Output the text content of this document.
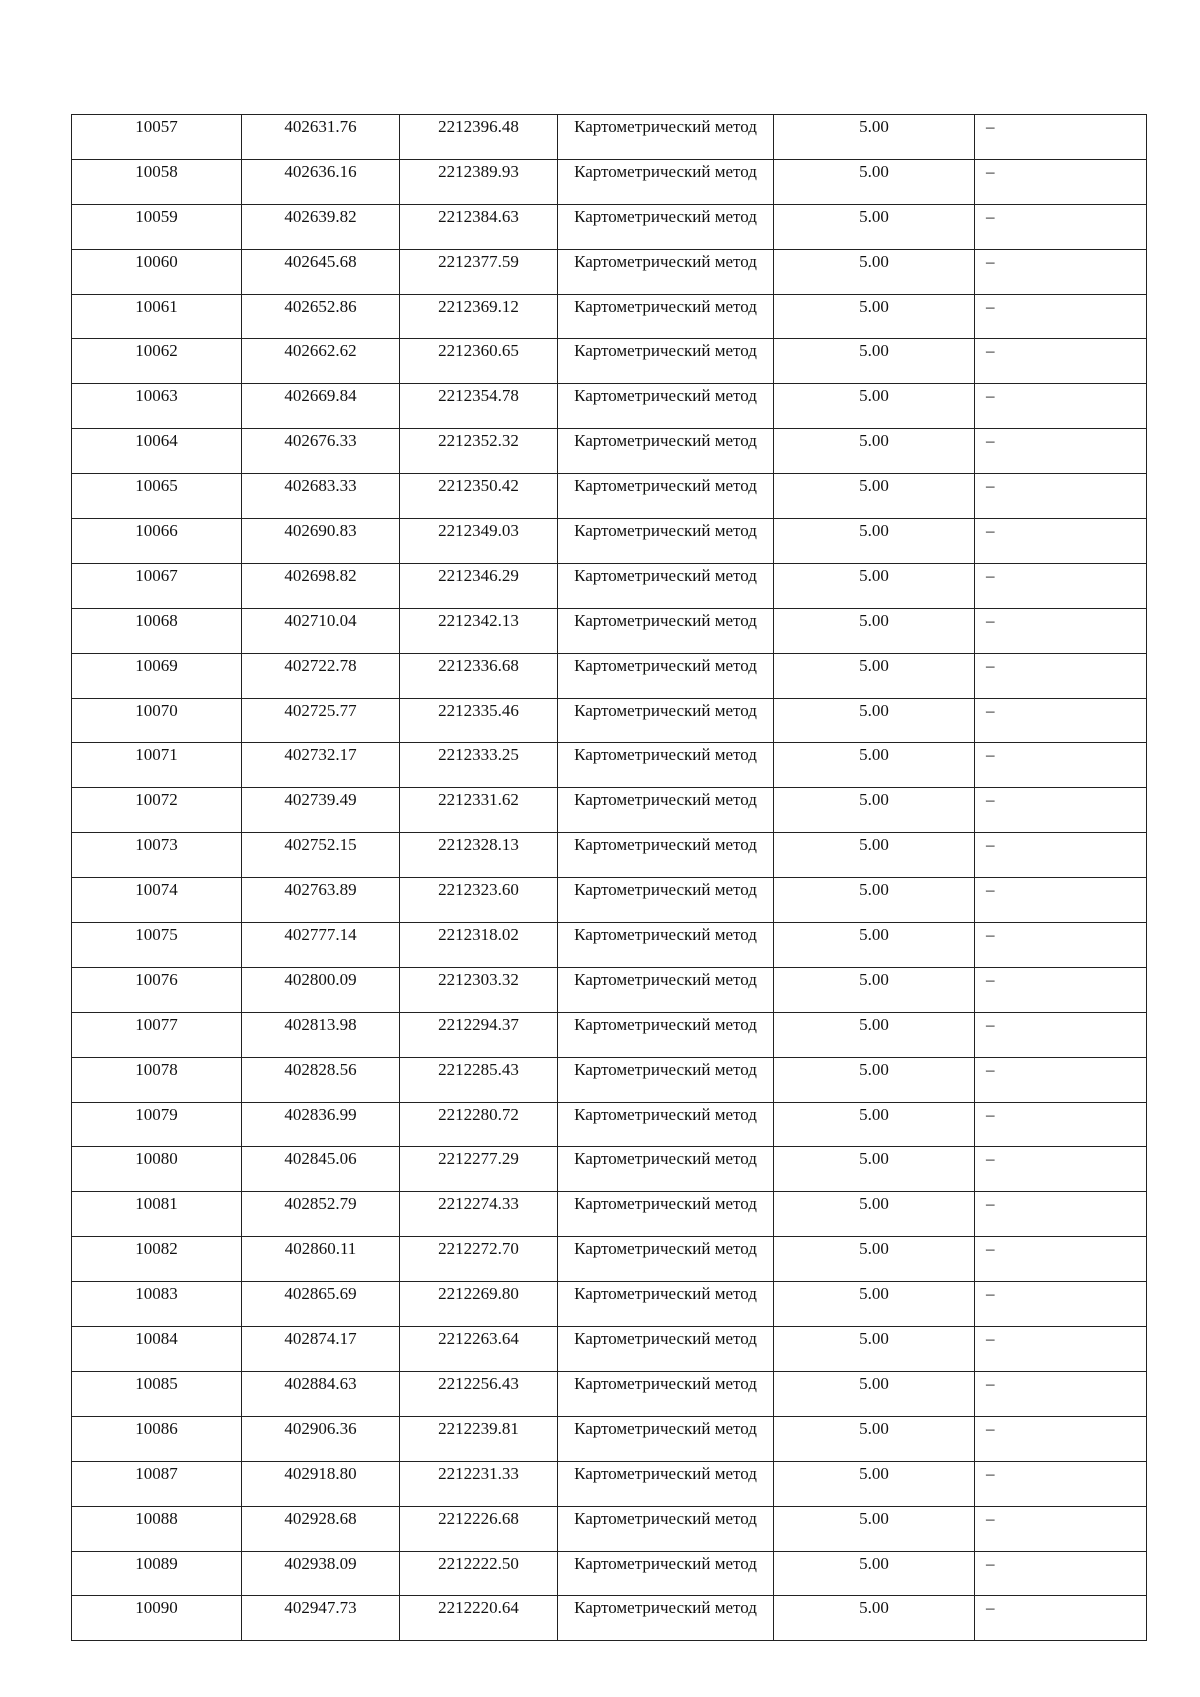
10057	402631.76	2212396.48	Картометрический метод	5.00	–
10058	402636.16	2212389.93	Картометрический метод	5.00	–
10059	402639.82	2212384.63	Картометрический метод	5.00	–
10060	402645.68	2212377.59	Картометрический метод	5.00	–
10061	402652.86	2212369.12	Картометрический метод	5.00	–
10062	402662.62	2212360.65	Картометрический метод	5.00	–
10063	402669.84	2212354.78	Картометрический метод	5.00	–
10064	402676.33	2212352.32	Картометрический метод	5.00	–
10065	402683.33	2212350.42	Картометрический метод	5.00	–
10066	402690.83	2212349.03	Картометрический метод	5.00	–
10067	402698.82	2212346.29	Картометрический метод	5.00	–
10068	402710.04	2212342.13	Картометрический метод	5.00	–
10069	402722.78	2212336.68	Картометрический метод	5.00	–
10070	402725.77	2212335.46	Картометрический метод	5.00	–
10071	402732.17	2212333.25	Картометрический метод	5.00	–
10072	402739.49	2212331.62	Картометрический метод	5.00	–
10073	402752.15	2212328.13	Картометрический метод	5.00	–
10074	402763.89	2212323.60	Картометрический метод	5.00	–
10075	402777.14	2212318.02	Картометрический метод	5.00	–
10076	402800.09	2212303.32	Картометрический метод	5.00	–
10077	402813.98	2212294.37	Картометрический метод	5.00	–
10078	402828.56	2212285.43	Картометрический метод	5.00	–
10079	402836.99	2212280.72	Картометрический метод	5.00	–
10080	402845.06	2212277.29	Картометрический метод	5.00	–
10081	402852.79	2212274.33	Картометрический метод	5.00	–
10082	402860.11	2212272.70	Картометрический метод	5.00	–
10083	402865.69	2212269.80	Картометрический метод	5.00	–
10084	402874.17	2212263.64	Картометрический метод	5.00	–
10085	402884.63	2212256.43	Картометрический метод	5.00	–
10086	402906.36	2212239.81	Картометрический метод	5.00	–
10087	402918.80	2212231.33	Картометрический метод	5.00	–
10088	402928.68	2212226.68	Картометрический метод	5.00	–
10089	402938.09	2212222.50	Картометрический метод	5.00	–
10090	402947.73	2212220.64	Картометрический метод	5.00	–
